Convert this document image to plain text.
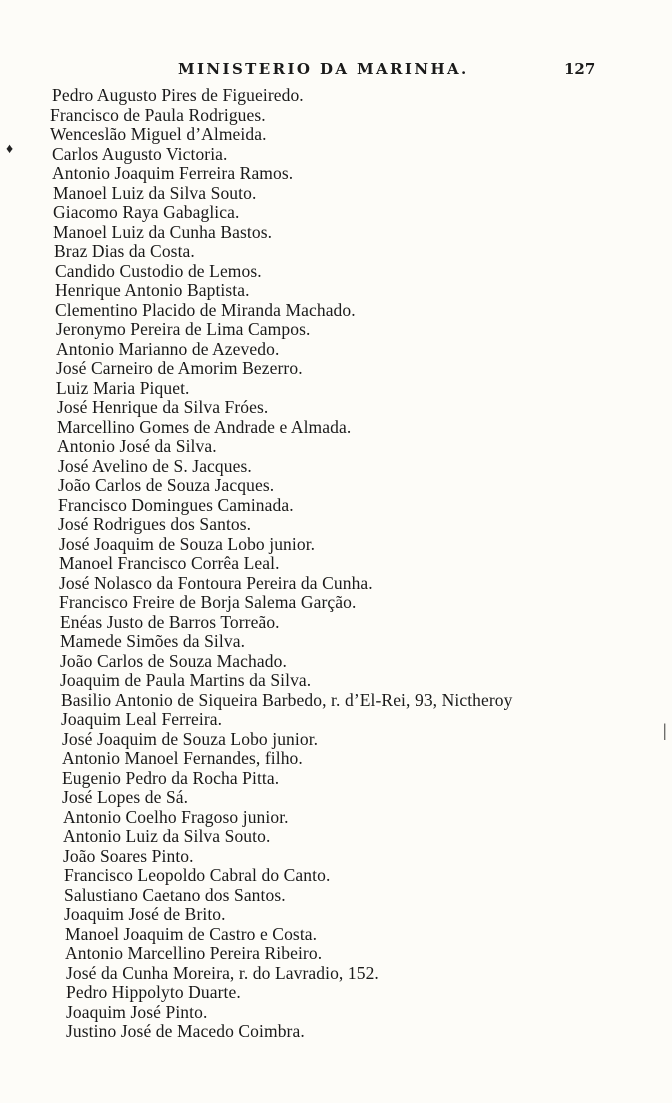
MINISTERIO DA MARINHA.	127
♦
|
Pedro Augusto Pires de Figueiredo.
Francisco de Paula Rodrigues.
Wenceslão Miguel d’Almeida.
Carlos Augusto Victoria.
Antonio Joaquim Ferreira Ramos.
Manoel Luiz da Silva Souto.
Giacomo Raya Gabaglica.
Manoel Luiz da Cunha Bastos.
Braz Dias da Costa.
Candido Custodio de Lemos.
Henrique Antonio Baptista.
Clementino Placido de Miranda Machado.
Jeronymo Pereira de Lima Campos.
Antonio Marianno de Azevedo.
José Carneiro de Amorim Bezerro.
Luiz Maria Piquet.
José Henrique da Silva Fróes.
Marcellino Gomes de Andrade e Almada.
Antonio José da Silva.
José Avelino de S. Jacques.
João Carlos de Souza Jacques.
Francisco Domingues Caminada.
José Rodrigues dos Santos.
José Joaquim de Souza Lobo junior.
Manoel Francisco Corrêa Leal.
José Nolasco da Fontoura Pereira da Cunha.
Francisco Freire de Borja Salema Garção.
Enéas Justo de Barros Torreão.
Mamede Simões da Silva.
João Carlos de Souza Machado.
Joaquim de Paula Martins da Silva.
Basilio Antonio de Siqueira Barbedo, r. d’El-Rei, 93, Nictheroy
Joaquim Leal Ferreira.
José Joaquim de Souza Lobo junior.
Antonio Manoel Fernandes, filho.
Eugenio Pedro da Rocha Pitta.
José Lopes de Sá.
Antonio Coelho Fragoso junior.
Antonio Luiz da Silva Souto.
João Soares Pinto.
Francisco Leopoldo Cabral do Canto.
Salustiano Caetano dos Santos.
Joaquim José de Brito.
Manoel Joaquim de Castro e Costa.
Antonio Marcellino Pereira Ribeiro.
José da Cunha Moreira, r. do Lavradio, 152.
Pedro Hippolyto Duarte.
Joaquim José Pinto.
Justino José de Macedo Coimbra.
